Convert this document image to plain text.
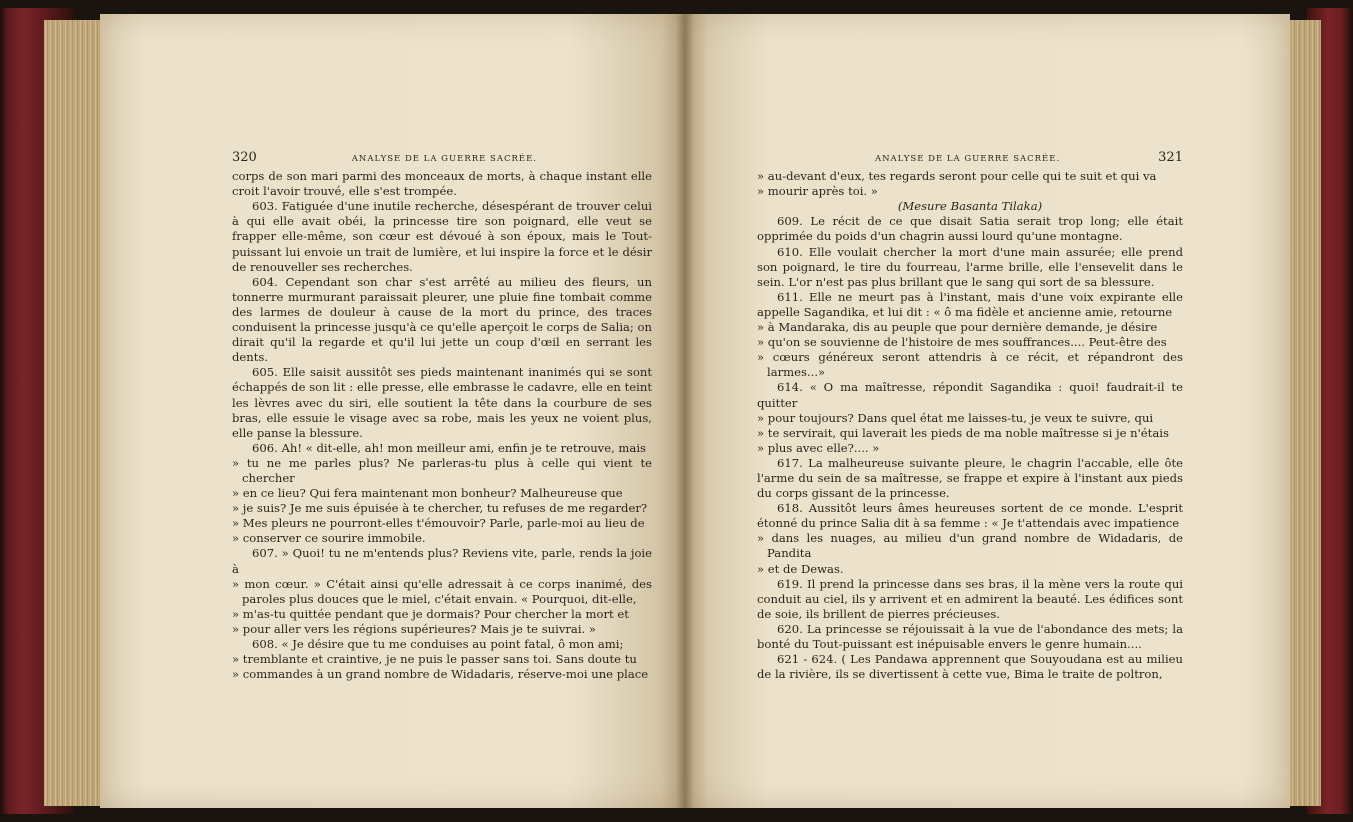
320	ANALYSE DE LA GUERRE SACRÉE.

corps de son mari parmi des monceaux de morts, à chaque instant elle croit l'avoir trouvé, elle s'est trompée.

603. Fatiguée d'une inutile recherche, désespérant de trouver celui à qui elle avait obéi, la princesse tire son poignard, elle veut se frapper elle-même, son cœur est dévoué à son époux, mais le Tout-puissant lui envoie un trait de lumière, et lui inspire la force et le désir de renouveller ses recherches.

604. Cependant son char s'est arrêté au milieu des fleurs, un tonnerre murmurant paraissait pleurer, une pluie fine tombait comme des larmes de douleur à cause de la mort du prince, des traces conduisent la princesse jusqu'à ce qu'elle aperçoit le corps de Salia; on dirait qu'il la regarde et qu'il lui jette un coup d'œil en serrant les dents.

605. Elle saisit aussitôt ses pieds maintenant inanimés qui se sont échappés de son lit : elle presse, elle embrasse le cadavre, elle en teint les lèvres avec du siri, elle soutient la tête dans la courbure de ses bras, elle essuie le visage avec sa robe, mais les yeux ne voient plus, elle panse la blessure.

606. Ah! « dit-elle, ah! mon meilleur ami, enfin je te retrouve, mais

» tu ne me parles plus? Ne parleras-tu plus à celle qui vient te chercher

» en ce lieu? Qui fera maintenant mon bonheur? Malheureuse que

» je suis? Je me suis épuisée à te chercher, tu refuses de me regarder?

» Mes pleurs ne pourront-elles t'émouvoir? Parle, parle-moi au lieu de

» conserver ce sourire immobile.

607. » Quoi! tu ne m'entends plus? Reviens vite, parle, rends la joie à

» mon cœur. » C'était ainsi qu'elle adressait à ce corps inanimé, des paroles plus douces que le miel, c'était envain. « Pourquoi, dit-elle,

» m'as-tu quittée pendant que je dormais? Pour chercher la mort et

» pour aller vers les régions supérieures? Mais je te suivrai. »

608. « Je désire que tu me conduises au point fatal, ô mon ami;

» tremblante et craintive, je ne puis le passer sans toi. Sans doute tu

» commandes à un grand nombre de Widadaris, réserve-moi une place

ANALYSE DE LA GUERRE SACRÉE.	321

» au-devant d'eux, tes regards seront pour celle qui te suit et qui va

» mourir après toi. »

(Mesure Basanta Tilaka)

609. Le récit de ce que disait Satia serait trop long; elle était opprimée du poids d'un chagrin aussi lourd qu'une montagne.

610. Elle voulait chercher la mort d'une main assurée; elle prend son poignard, le tire du fourreau, l'arme brille, elle l'ensevelit dans le sein. L'or n'est pas plus brillant que le sang qui sort de sa blessure.

611. Elle ne meurt pas à l'instant, mais d'une voix expirante elle appelle Sagandika, et lui dit : « ô ma fidèle et ancienne amie, retourne

» à Mandaraka, dis au peuple que pour dernière demande, je désire

» qu'on se souvienne de l'histoire de mes souffrances.... Peut-être des

» cœurs généreux seront attendris à ce récit, et répandront des larmes...»

614. « O ma maîtresse, répondit Sagandika : quoi! faudrait-il te quitter

» pour toujours? Dans quel état me laisses-tu, je veux te suivre, qui

» te servirait, qui laverait les pieds de ma noble maîtresse si je n'étais

» plus avec elle?.... »

617. La malheureuse suivante pleure, le chagrin l'accable, elle ôte l'arme du sein de sa maîtresse, se frappe et expire à l'instant aux pieds du corps gissant de la princesse.

618. Aussitôt leurs âmes heureuses sortent de ce monde. L'esprit étonné du prince Salia dit à sa femme : « Je t'attendais avec impatience

» dans les nuages, au milieu d'un grand nombre de Widadaris, de Pandita

» et de Dewas.

619. Il prend la princesse dans ses bras, il la mène vers la route qui conduit au ciel, ils y arrivent et en admirent la beauté. Les édifices sont de soie, ils brillent de pierres précieuses.

620. La princesse se réjouissait à la vue de l'abondance des mets; la bonté du Tout-puissant est inépuisable envers le genre humain....

621 - 624. ( Les Pandawa apprennent que Souyoudana est au milieu de la rivière, ils se divertissent à cette vue, Bima le traite de poltron,
